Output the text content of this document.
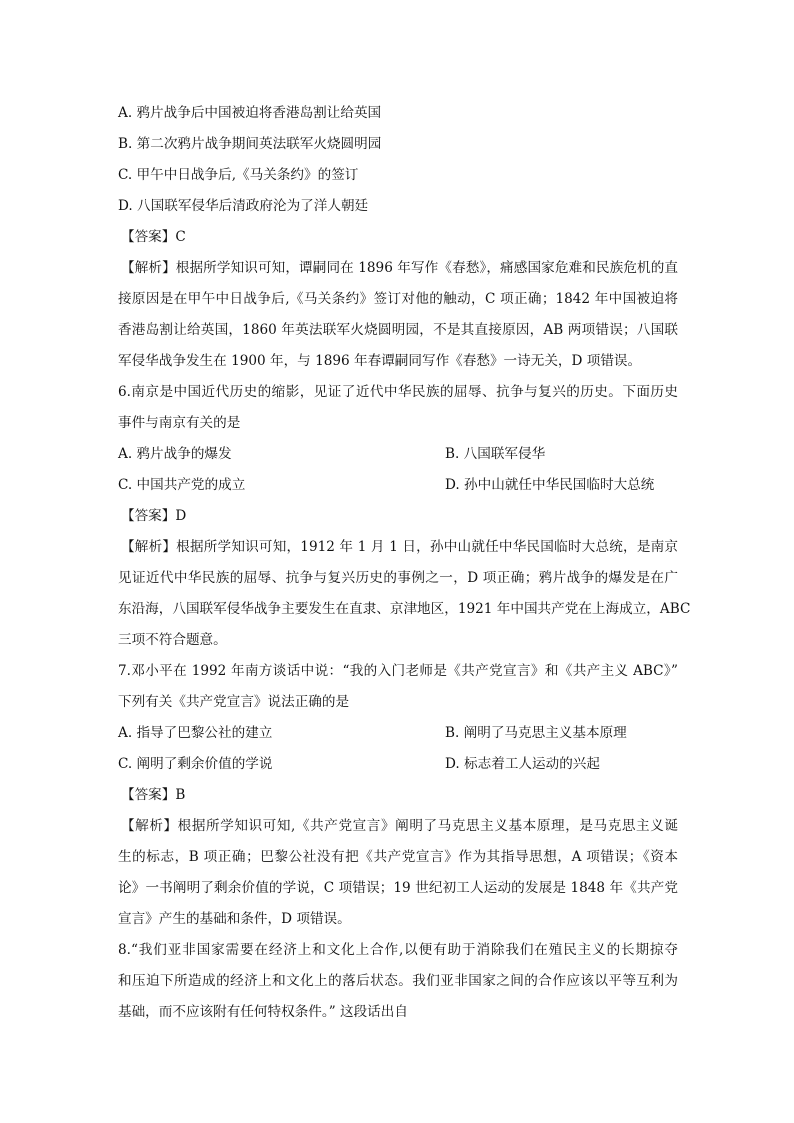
A. 鸦片战争后中国被迫将香港岛割让给英国
B. 第二次鸦片战争期间英法联军火烧圆明园
C. 甲午中日战争后,《马关条约》的签订
D. 八国联军侵华后清政府沦为了洋人朝廷
【答案】C
【解析】根据所学知识可知，谭嗣同在 1896 年写作《春愁》，痛感国家危难和民族危机的直
接原因是在甲午中日战争后,《马关条约》签订对他的触动，C 项正确；1842 年中国被迫将
香港岛割让给英国，1860 年英法联军火烧圆明园，不是其直接原因，AB 两项错误；八国联
军侵华战争发生在 1900 年，与 1896 年春谭嗣同写作《春愁》一诗无关，D 项错误。
6.南京是中国近代历史的缩影，见证了近代中华民族的屈辱、抗争与复兴的历史。下面历史
事件与南京有关的是
A. 鸦片战争的爆发	B. 八国联军侵华
C. 中国共产党的成立	D. 孙中山就任中华民国临时大总统
【答案】D
【解析】根据所学知识可知，1912 年 1 月 1 日，孙中山就任中华民国临时大总统，是南京
见证近代中华民族的屈辱、抗争与复兴历史的事例之一，D 项正确；鸦片战争的爆发是在广
东沿海，八国联军侵华战争主要发生在直隶、京津地区，1921 年中国共产党在上海成立，ABC
三项不符合题意。
7.邓小平在 1992 年南方谈话中说：“我的入门老师是《共产党宣言》和《共产主义 ABC》”
下列有关《共产党宣言》说法正确的是
A. 指导了巴黎公社的建立	B. 阐明了马克思主义基本原理
C. 阐明了剩余价值的学说	D. 标志着工人运动的兴起
【答案】B
【解析】根据所学知识可知,《共产党宣言》阐明了马克思主义基本原理，是马克思主义诞
生的标志，B 项正确；巴黎公社没有把《共产党宣言》作为其指导思想，A 项错误；《资本
论》一书阐明了剩余价值的学说，C 项错误；19 世纪初工人运动的发展是 1848 年《共产党
宣言》产生的基础和条件，D 项错误。
8.“我们亚非国家需要在经济上和文化上合作,以便有助于消除我们在殖民主义的长期掠夺
和压迫下所造成的经济上和文化上的落后状态。我们亚非国家之间的合作应该以平等互利为
基础，而不应该附有任何特权条件。” 这段话出自
